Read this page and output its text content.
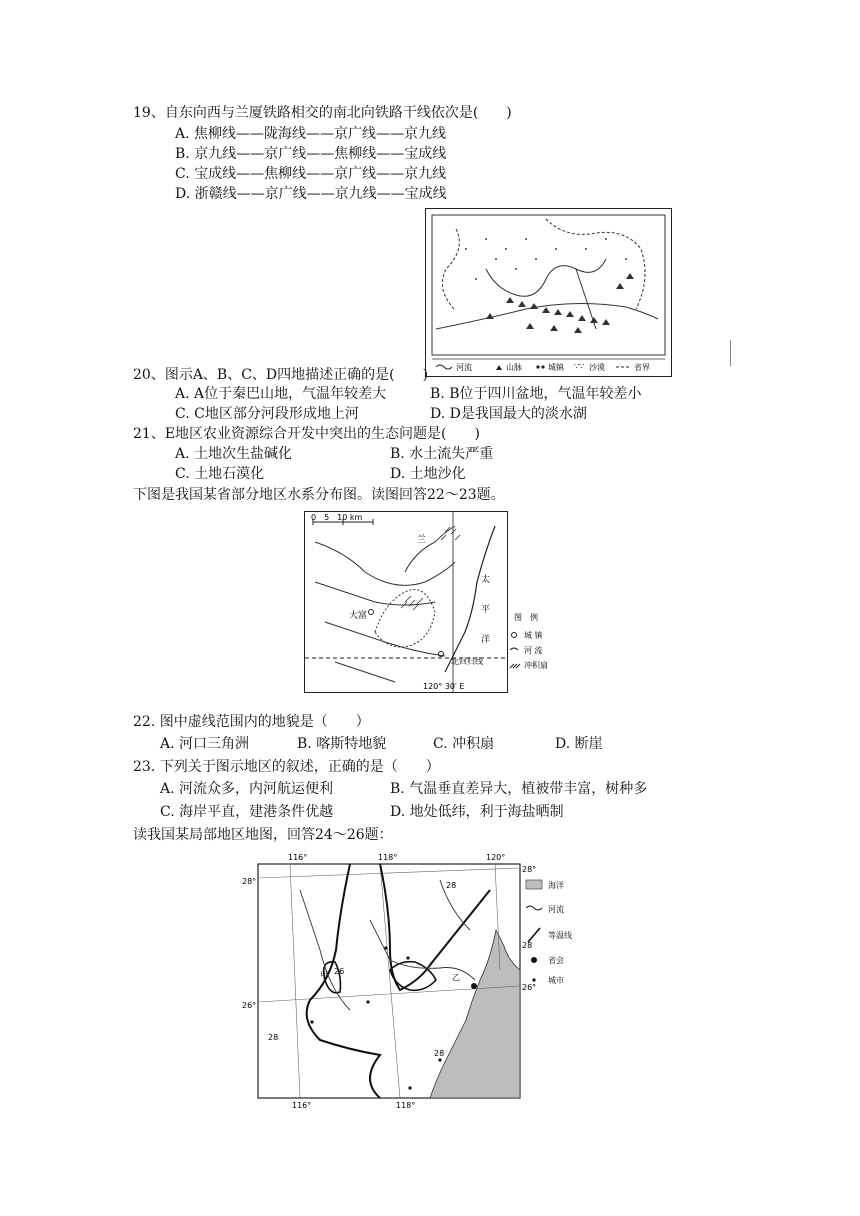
19、自东向西与兰厦铁路相交的南北向铁路干线依次是(　　)
A. 焦柳线——陇海线——京广线——京九线
B. 京九线——京广线——焦柳线——宝成线
C. 宝成线——焦柳线——京广线——京九线
D. 浙赣线——京广线——京九线——宝成线
河流	山脉	城镇 ∵∵ 沙漠	省界
20、图示A、B、C、D四地描述正确的是(　　)
A. A位于秦巴山地，气温年较差大	B. B位于四川盆地，气温年较差小
C. C地区部分河段形成地上河	D. D是我国最大的淡水湖
21、E地区农业资源综合开发中突出的生态问题是(　　)
A. 土地次生盐碱化	B. 水土流失严重
C. 土地石漠化	D. 土地沙化
下图是我国某省部分地区水系分布图。读图回答22～23题。
0　5　10 km
大富
兰
太
平
洋
北回归线
120° 30′ E
图　例
城 镇
河 流
冲积扇
22. 图中虚线范围内的地貌是（　　）
A. 河口三角洲	B. 喀斯特地貌	C. 冲积扇	D. 断崖
23. 下列关于图示地区的叙述，正确的是（　　）
A. 河流众多，内河航运便利	B. 气温垂直差异大，植被带丰富，树种多
C. 海岸平直，建港条件优越	D. 地处低纬，利于海盐晒制
读我国某局部地区地图，回答24～26题：
116°	118°	120°
116°	118°
28°
26°
28°
26°
28
26
28
28
甲	乙
海洋
河流
28
等温线
省会
城市
